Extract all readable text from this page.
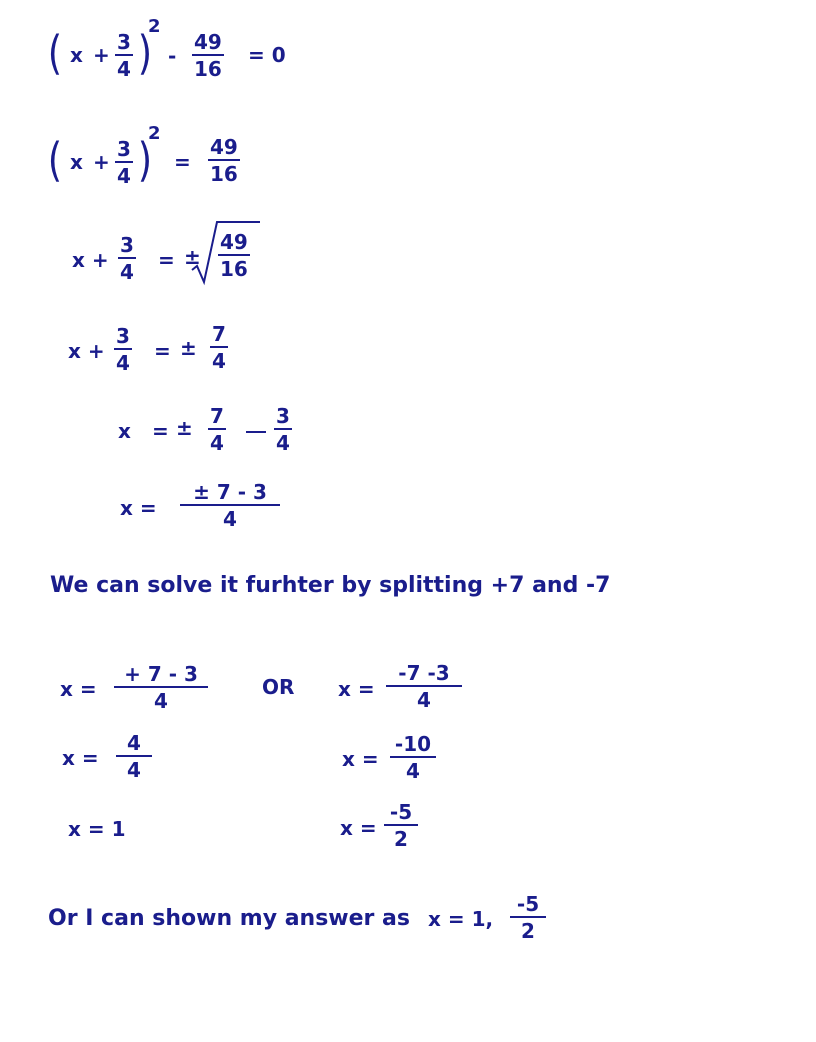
( x +
3
4 )
2
-
49
16
= 0
( x +
3
4 )
2
=
49
16
x +
3
4 = ±
49
16
x +
3
4 = ±
7
4
x = ± 7
4
3
4
x =
± 7 - 3
4
We can solve it furhter by splitting +7 and -7
x =
+ 7 - 3
4
x =
4
4
x = 1
OR x =
-7 -3
4
x =
-10
4
x =
-5
2
Or I can shown my answer as x = 1,
-5
2
